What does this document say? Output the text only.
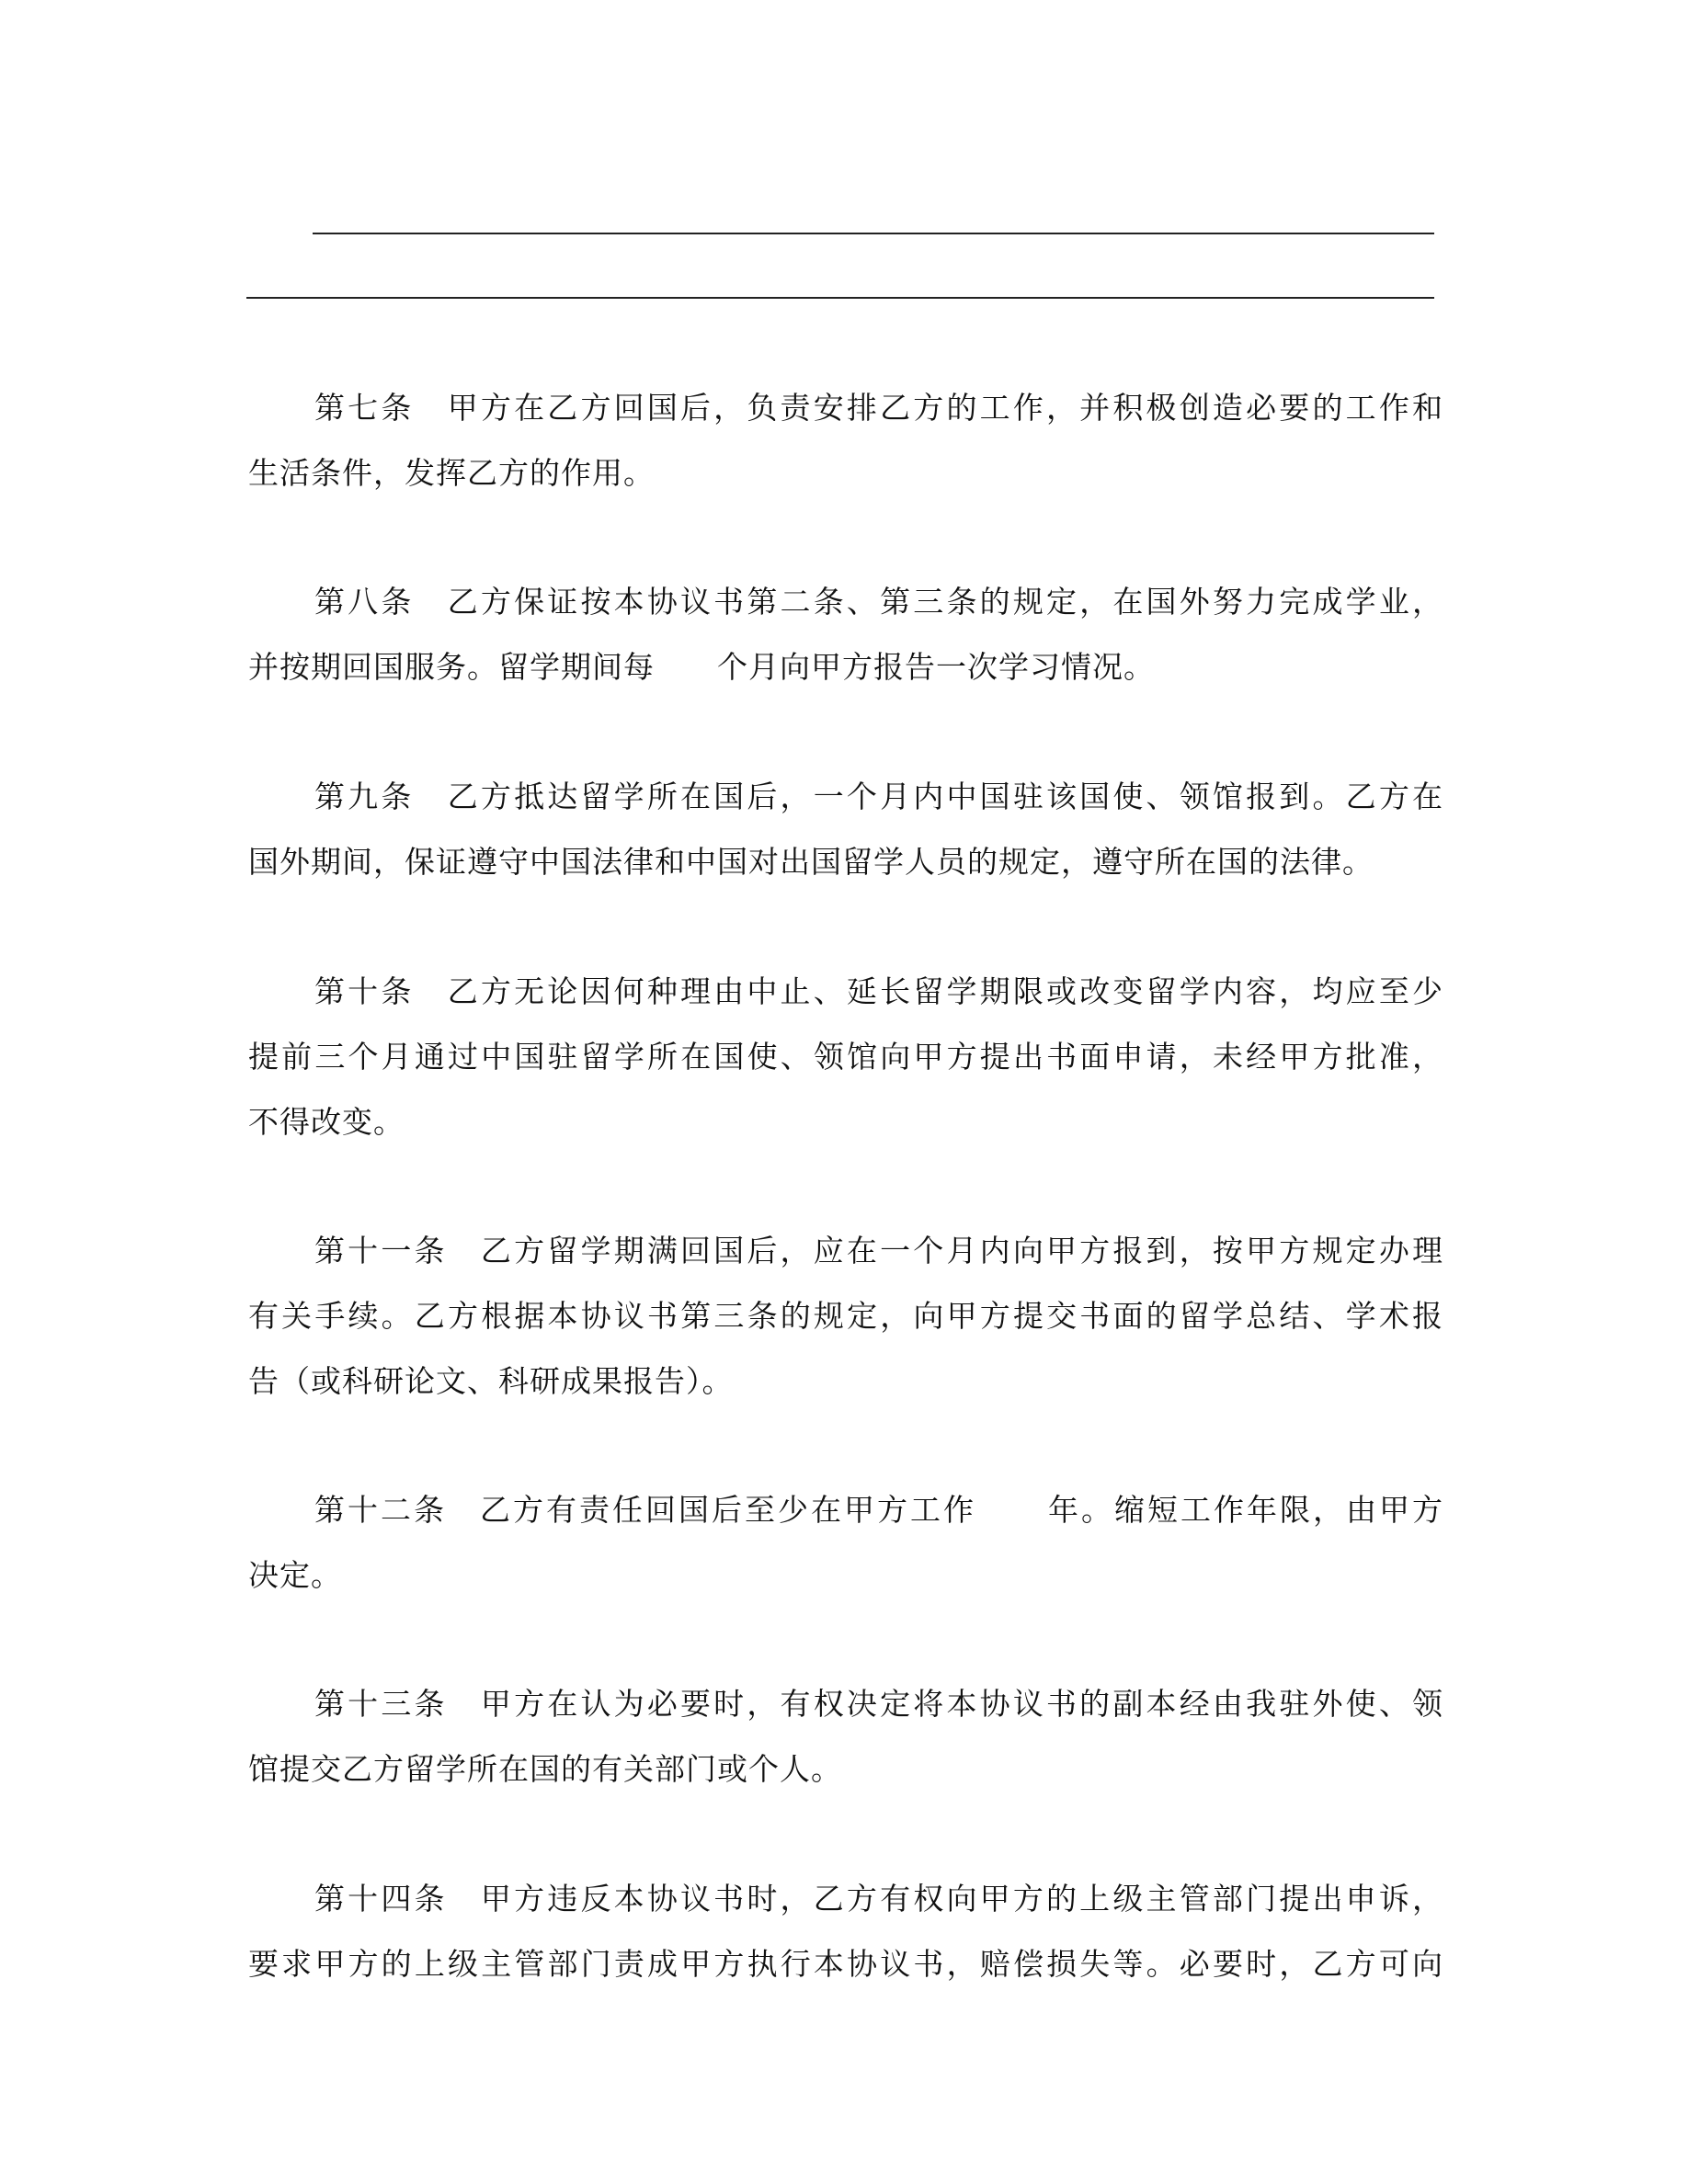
第七条　甲方在乙方回国后，负责安排乙方的工作，并积极创造必要的工作和
生活条件，发挥乙方的作用。
第八条　乙方保证按本协议书第二条、第三条的规定，在国外努力完成学业，
并按期回国服务。留学期间每 个月向甲方报告一次学习情况。
第九条　乙方抵达留学所在国后，一个月内中国驻该国使、领馆报到。乙方在
国外期间，保证遵守中国法律和中国对出国留学人员的规定，遵守所在国的法律。
第十条　乙方无论因何种理由中止、延长留学期限或改变留学内容，均应至少
提前三个月通过中国驻留学所在国使、领馆向甲方提出书面申请，未经甲方批准，
不得改变。
第十一条　乙方留学期满回国后，应在一个月内向甲方报到，按甲方规定办理
有关手续。乙方根据本协议书第三条的规定，向甲方提交书面的留学总结、学术报
告（或科研论文、科研成果报告）。
第十二条　乙方有责任回国后至少在甲方工作 年。缩短工作年限，由甲方
决定。
第十三条　甲方在认为必要时，有权决定将本协议书的副本经由我驻外使、领
馆提交乙方留学所在国的有关部门或个人。
第十四条　甲方违反本协议书时，乙方有权向甲方的上级主管部门提出申诉，
要求甲方的上级主管部门责成甲方执行本协议书，赔偿损失等。必要时，乙方可向
